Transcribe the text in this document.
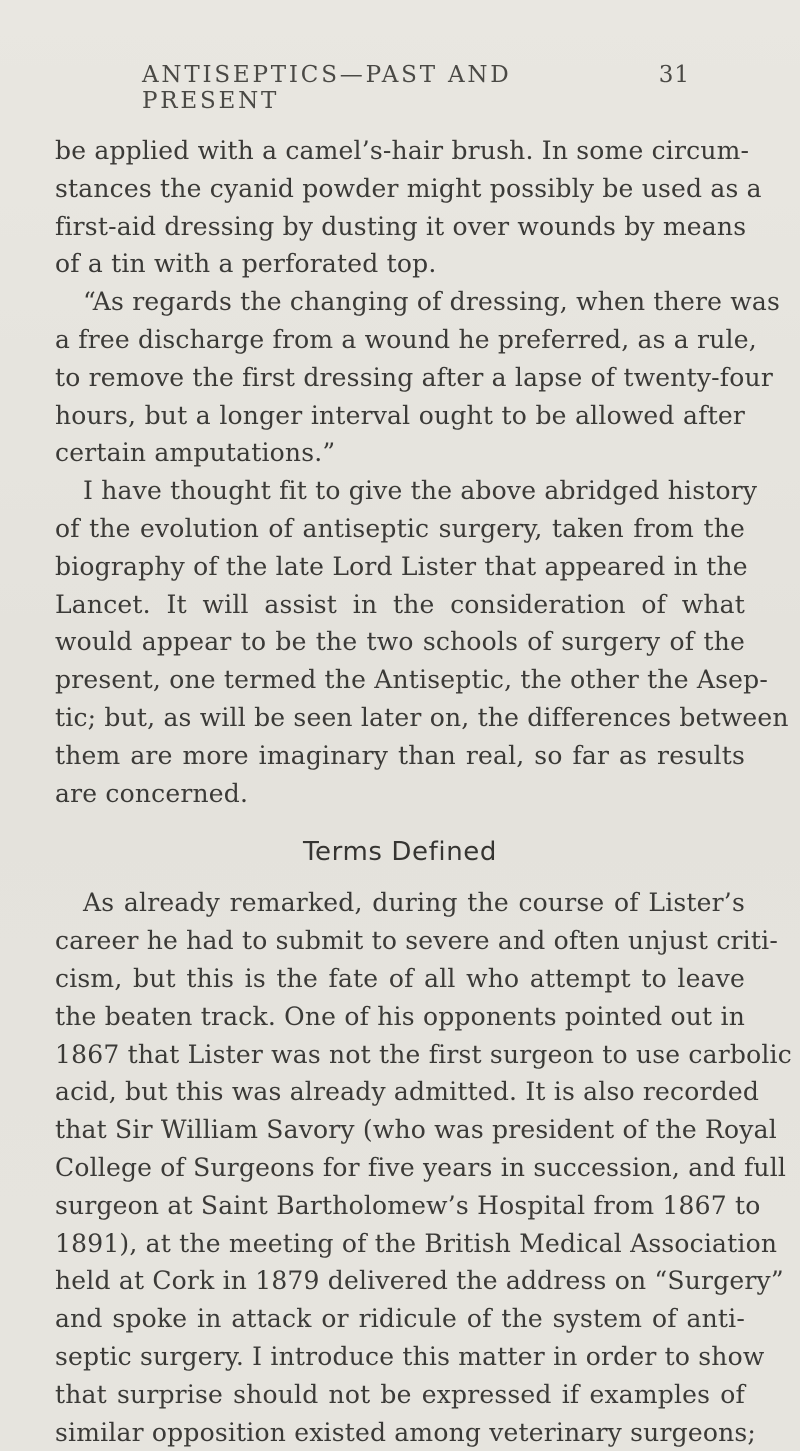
ANTISEPTICS—PAST AND PRESENT
31
be applied with a camel’s-hair brush. In some circum-
stances the cyanid powder might possibly be used as a
first-aid dressing by dusting it over wounds by means
of a tin with a perforated top.
“As regards the changing of dressing, when there was
a free discharge from a wound he preferred, as a rule,
to remove the first dressing after a lapse of twenty-four
hours, but a longer interval ought to be allowed after
certain amputations.”
I have thought fit to give the above abridged history
of the evolution of antiseptic surgery, taken from the
biography of the late Lord Lister that appeared in the
Lancet. It will assist in the consideration of what
would appear to be the two schools of surgery of the
present, one termed the Antiseptic, the other the Asep-
tic; but, as will be seen later on, the differences between
them are more imaginary than real, so far as results
are concerned.
Terms Defined
As already remarked, during the course of Lister’s
career he had to submit to severe and often unjust criti-
cism, but this is the fate of all who attempt to leave
the beaten track. One of his opponents pointed out in
1867 that Lister was not the first surgeon to use carbolic
acid, but this was already admitted. It is also recorded
that Sir William Savory (who was president of the Royal
College of Surgeons for five years in succession, and full
surgeon at Saint Bartholomew’s Hospital from 1867 to
1891), at the meeting of the British Medical Association
held at Cork in 1879 delivered the address on “Surgery”
and spoke in attack or ridicule of the system of anti-
septic surgery. I introduce this matter in order to show
that surprise should not be expressed if examples of
similar opposition existed among veterinary surgeons;
